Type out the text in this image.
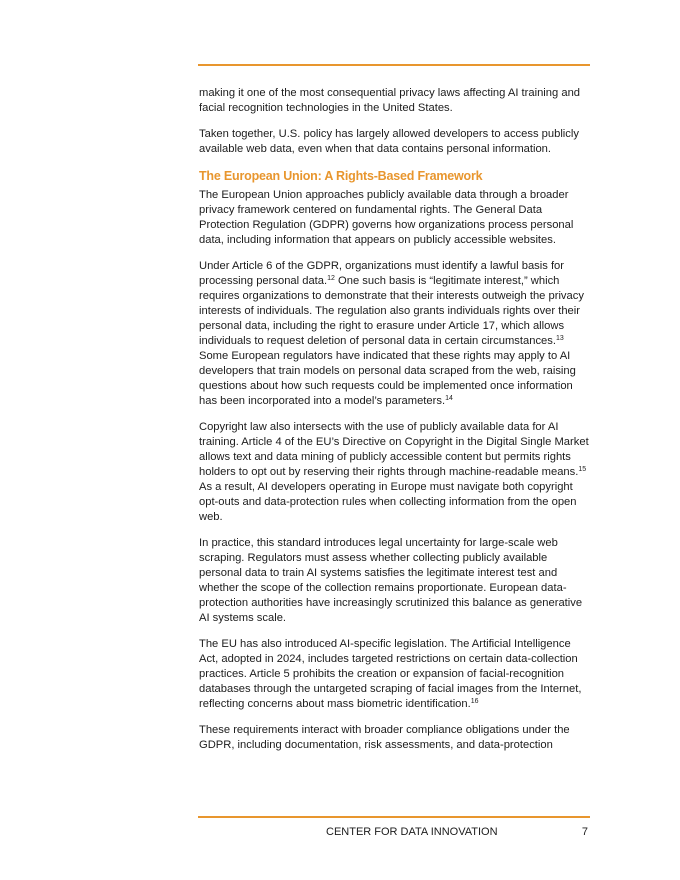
making it one of the most consequential privacy laws affecting AI training and facial recognition technologies in the United States.

Taken together, U.S. policy has largely allowed developers to access publicly available web data, even when that data contains personal information.

The European Union: A Rights-Based Framework

The European Union approaches publicly available data through a broader privacy framework centered on fundamental rights. The General Data Protection Regulation (GDPR) governs how organizations process personal data, including information that appears on publicly accessible websites.

Under Article 6 of the GDPR, organizations must identify a lawful basis for processing personal data.$^{12}$ One such basis is “legitimate interest,” which requires organizations to demonstrate that their interests outweigh the privacy interests of individuals. The regulation also grants individuals rights over their personal data, including the right to erasure under Article 17, which allows individuals to request deletion of personal data in certain circumstances.$^{13}$ Some European regulators have indicated that these rights may apply to AI developers that train models on personal data scraped from the web, raising questions about how such requests could be implemented once information has been incorporated into a model’s parameters.$^{14}$

Copyright law also intersects with the use of publicly available data for AI training. Article 4 of the EU’s Directive on Copyright in the Digital Single Market allows text and data mining of publicly accessible content but permits rights holders to opt out by reserving their rights through machine-readable means.$^{15}$ As a result, AI developers operating in Europe must navigate both copyright opt-outs and data-protection rules when collecting information from the open web.

In practice, this standard introduces legal uncertainty for large-scale web scraping. Regulators must assess whether collecting publicly available personal data to train AI systems satisfies the legitimate interest test and whether the scope of the collection remains proportionate. European data-protection authorities have increasingly scrutinized this balance as generative AI systems scale.

The EU has also introduced AI-specific legislation. The Artificial Intelligence Act, adopted in 2024, includes targeted restrictions on certain data-collection practices. Article 5 prohibits the creation or expansion of facial-recognition databases through the untargeted scraping of facial images from the Internet, reflecting concerns about mass biometric identification.$^{16}$

These requirements interact with broader compliance obligations under the GDPR, including documentation, risk assessments, and data-protection

CENTER FOR DATA INNOVATION	7
